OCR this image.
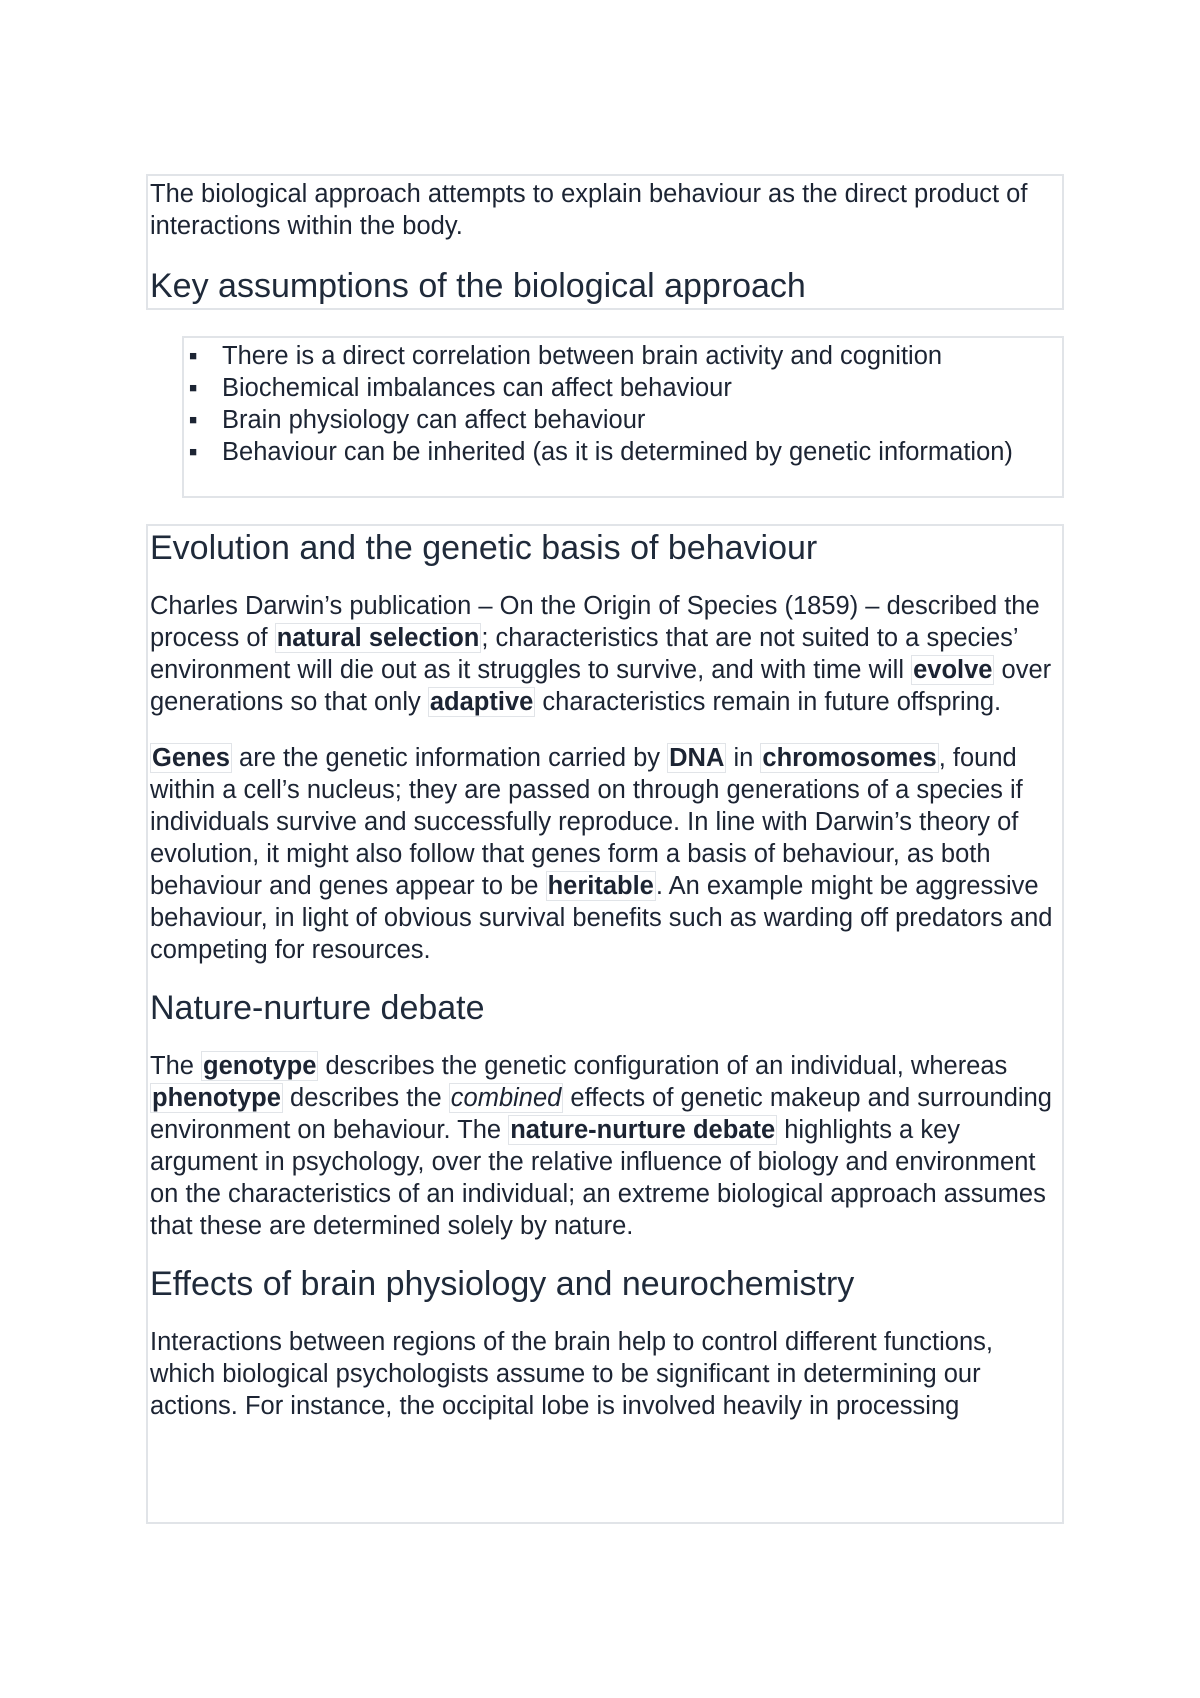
The biological approach attempts to explain behaviour as the direct product of interactions within the body.

Key assumptions of the biological approach
▪ There is a direct correlation between brain activity and cognition
▪ Biochemical imbalances can affect behaviour
▪ Brain physiology can affect behaviour
▪ Behaviour can be inherited (as it is determined by genetic information)
Evolution and the genetic basis of behaviour

Charles Darwin’s publication – On the Origin of Species (1859) – described the process of natural selection; characteristics that are not suited to a species’ environment will die out as it struggles to survive, and with time will evolve over generations so that only adaptive characteristics remain in future offspring.

Genes are the genetic information carried by DNA in chromosomes, found within a cell’s nucleus; they are passed on through generations of a species if individuals survive and successfully reproduce. In line with Darwin’s theory of evolution, it might also follow that genes form a basis of behaviour, as both behaviour and genes appear to be heritable. An example might be aggressive behaviour, in light of obvious survival benefits such as warding off predators and competing for resources.

Nature-nurture debate

The genotype describes the genetic configuration of an individual, whereas phenotype describes the combined effects of genetic makeup and surrounding environment on behaviour. The nature-nurture debate highlights a key argument in psychology, over the relative influence of biology and environment on the characteristics of an individual; an extreme biological approach assumes that these are determined solely by nature.

Effects of brain physiology and neurochemistry

Interactions between regions of the brain help to control different functions, which biological psychologists assume to be significant in determining our actions. For instance, the occipital lobe is involved heavily in processing
